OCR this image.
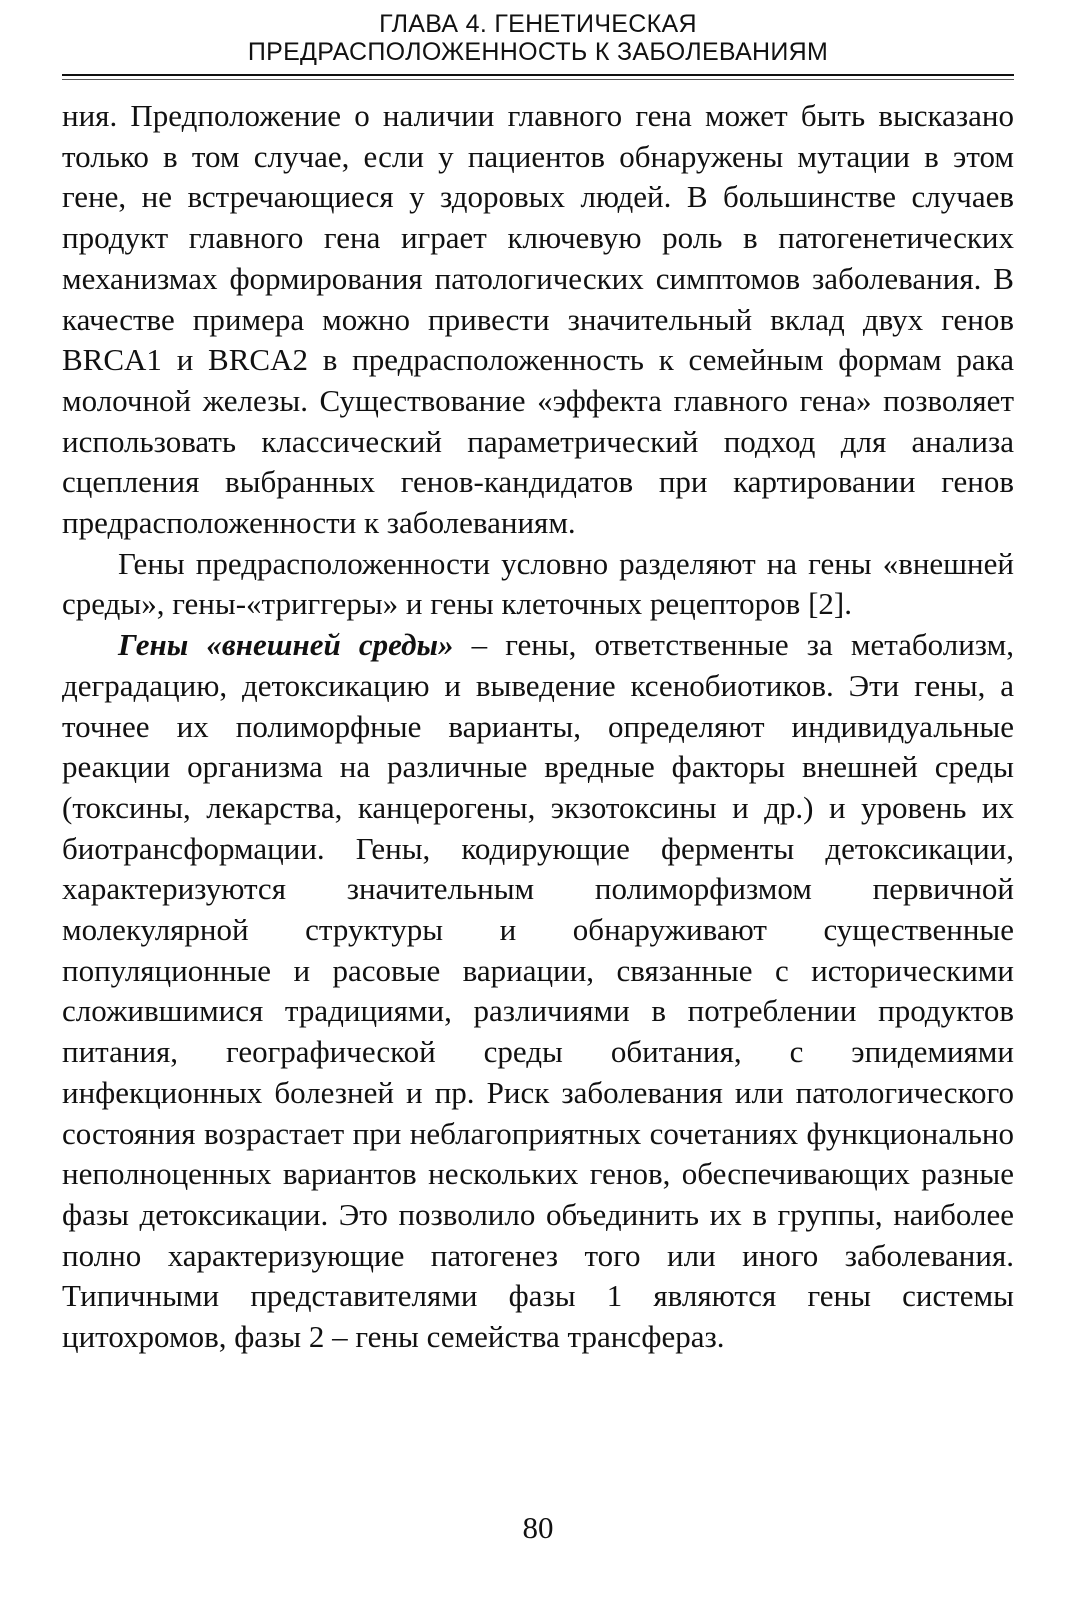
ГЛАВА 4. ГЕНЕТИЧЕСКАЯ
ПРЕДРАСПОЛОЖЕННОСТЬ К ЗАБОЛЕВАНИЯМ

ния. Предположение о наличии главного гена может быть высказано только в том случае, если у пациентов обнаружены мутации в этом гене, не встречающиеся у здоровых людей. В большинстве случаев продукт главного гена играет ключевую роль в патогенетических механизмах формирования патологических симптомов заболевания. В качестве примера можно привести значительный вклад двух генов BRCA1 и BRCA2 в предрасположенность к семейным формам рака молочной железы. Существование «эффекта главного гена» позволяет использовать классический параметрический подход для анализа сцепления выбранных генов-кандидатов при картировании генов предрасположенности к заболеваниям.

Гены предрасположенности условно разделяют на гены «внешней среды», гены-«триггеры» и гены клеточных рецепторов [2].

Гены «внешней среды» – гены, ответственные за метаболизм, деградацию, детоксикацию и выведение ксенобиотиков. Эти гены, а точнее их полиморфные варианты, определяют индивидуальные реакции организма на различные вредные факторы внешней среды (токсины, лекарства, канцерогены, экзотоксины и др.) и уровень их биотрансформации. Гены, кодирующие ферменты детоксикации, характеризуются значительным полиморфизмом первичной молекулярной структуры и обнаруживают существенные популяционные и расовые вариации, связанные с историческими сложившимися традициями, различиями в потреблении продуктов питания, географической среды обитания, с эпидемиями инфекционных болезней и пр. Риск заболевания или патологического состояния возрастает при неблагоприятных сочетаниях функционально неполноценных вариантов нескольких генов, обеспечивающих разные фазы детоксикации. Это позволило объединить их в группы, наиболее полно характеризующие патогенез того или иного заболевания. Типичными представителями фазы 1 являются гены системы цитохромов, фазы 2 – гены семейства трансфераз.

80
